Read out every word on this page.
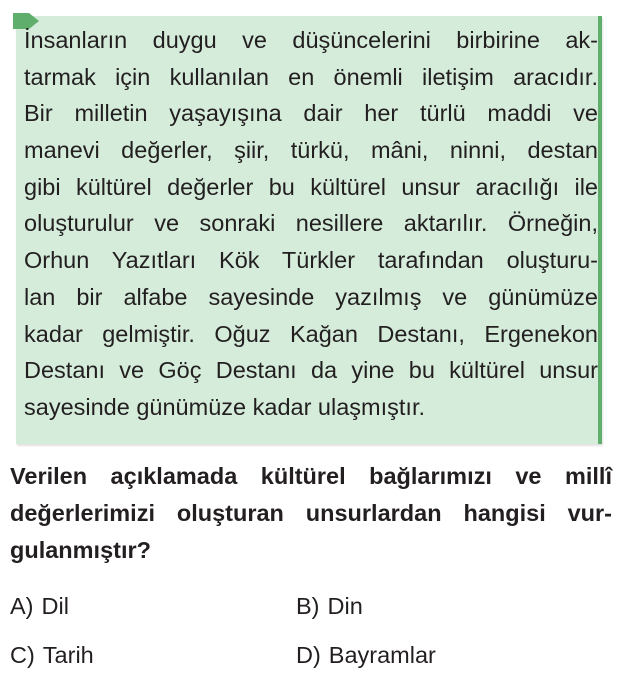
İnsanların duygu ve düşüncelerini birbirine ak-
tarmak için kullanılan en önemli iletişim aracıdır.
Bir milletin yaşayışına dair her türlü maddi ve
manevi değerler, şiir, türkü, mâni, ninni, destan
gibi kültürel değerler bu kültürel unsur aracılığı ile
oluşturulur ve sonraki nesillere aktarılır. Örneğin,
Orhun Yazıtları Kök Türkler tarafından oluşturu-
lan bir alfabe sayesinde yazılmış ve günümüze
kadar gelmiştir. Oğuz Kağan Destanı, Ergenekon
Destanı ve Göç Destanı da yine bu kültürel unsur
sayesinde günümüze kadar ulaşmıştır.
Verilen açıklamada kültürel bağlarımızı ve millî
değerlerimizi oluşturan unsurlardan hangisi vur-
gulanmıştır?
A) Dil	B) Din
C) Tarih	D) Bayramlar
